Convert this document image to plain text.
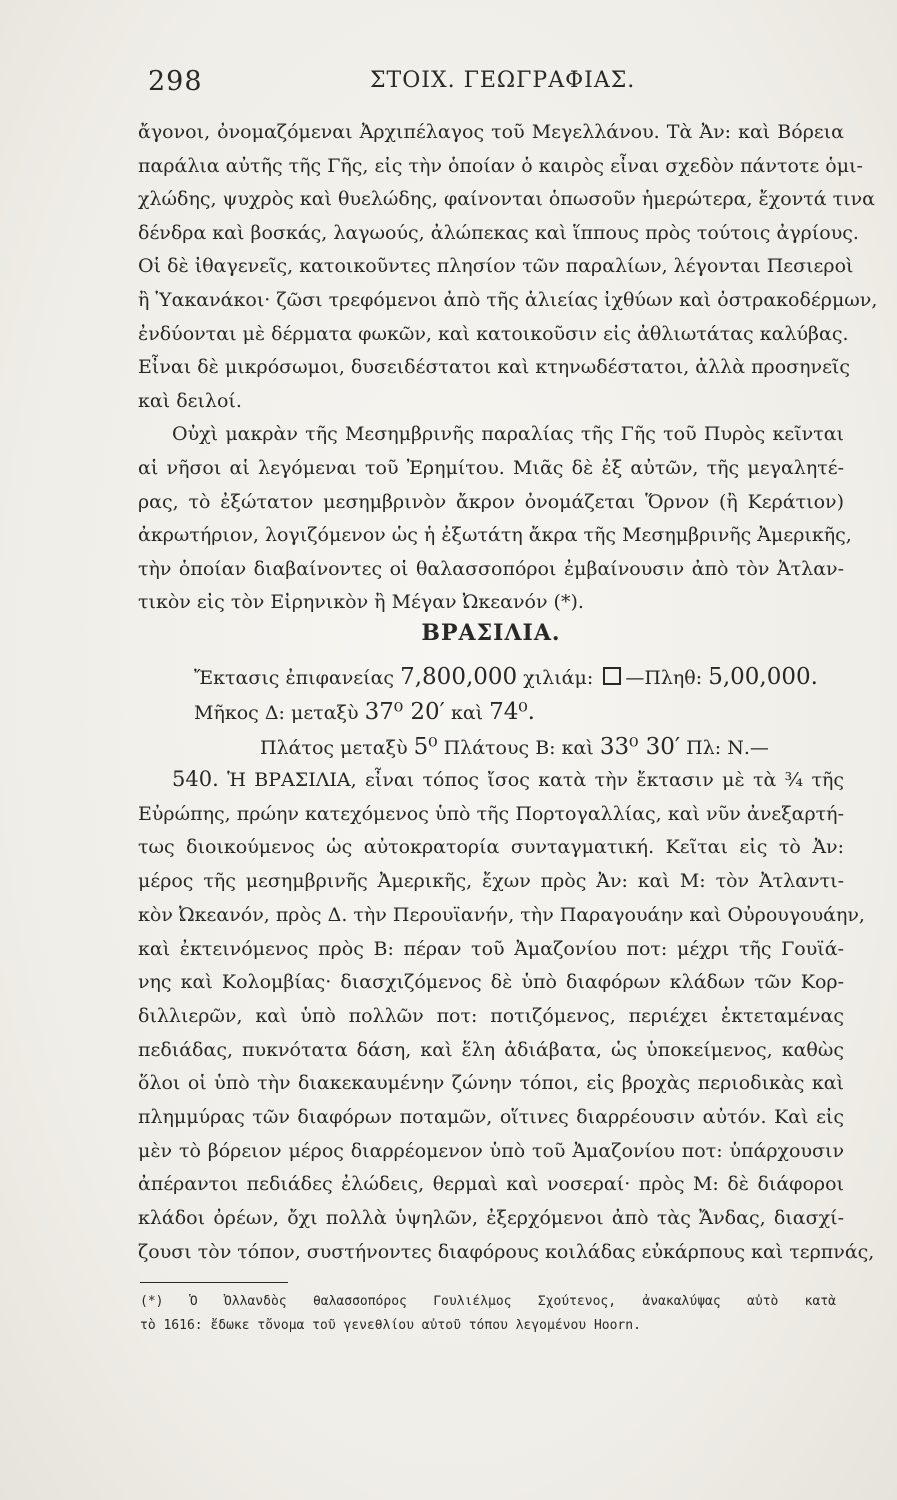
298	ΣΤΟΙΧ. ΓΕΩΓΡΑΦΙΑΣ.
ἄγονοι, ὀνομαζόμεναι Ἀρχιπέλαγος τοῦ Μεγελλάνου. Τὰ Ἀν: καὶ Βόρεια
παράλια αὐτῆς τῆς Γῆς, εἰς τὴν ὁποίαν ὁ καιρὸς εἶναι σχεδὸν πάντοτε ὁμι-
χλώδης, ψυχρὸς καὶ θυελώδης, φαίνονται ὁπωσοῦν ἡμερώτερα, ἔχοντά τινα
δένδρα καὶ βοσκάς, λαγωούς, ἀλώπεκας καὶ ἵππους πρὸς τούτοις ἀγρίους.
Οἱ δὲ ἰθαγενεῖς, κατοικοῦντες πλησίον τῶν παραλίων, λέγονται Πεσιεροὶ
ἢ Ὑακανάκοι· ζῶσι τρεφόμενοι ἀπὸ τῆς ἁλιείας ἰχθύων καὶ ὀστρακοδέρμων,
ἐνδύονται μὲ δέρματα φωκῶν, καὶ κατοικοῦσιν εἰς ἀθλιωτάτας καλύβας.
Εἶναι δὲ μικρόσωμοι, δυσειδέστατοι καὶ κτηνωδέστατοι, ἀλλὰ προσηνεῖς
καὶ δειλοί.
Οὐχὶ μακρὰν τῆς Μεσημβρινῆς παραλίας τῆς Γῆς τοῦ Πυρὸς κεῖνται
αἱ νῆσοι αἱ λεγόμεναι τοῦ Ἐρημίτου. Μιᾶς δὲ ἐξ αὐτῶν, τῆς μεγαλητέ-
ρας, τὸ ἐξώτατον μεσημβρινὸν ἄκρον ὀνομάζεται Ὅρνον (ἢ Κεράτιον)
ἀκρωτήριον, λογιζόμενον ὡς ἡ ἐξωτάτη ἄκρα τῆς Μεσημβρινῆς Ἀμερικῆς,
τὴν ὁποίαν διαβαίνοντες οἱ θαλασσοπόροι ἐμβαίνουσιν ἀπὸ τὸν Ἀτλαν-
τικὸν εἰς τὸν Εἰρηνικὸν ἢ Μέγαν Ὠκεανόν (*).
ΒΡΑΣΙΛΙΑ.
Ἔκτασις ἐπιφανείας 7,800,000 χιλιάμ: —Πληθ: 5,00,000.
Μῆκος Δ: μεταξὺ 37⁰ 20′ καὶ 74⁰.
Πλάτος μεταξὺ 5⁰ Πλάτους Β: καὶ 33⁰ 30′ Πλ: Ν.—
540. Ἡ ΒΡΑΣΙΛΙΑ, εἶναι τόπος ἴσος κατὰ τὴν ἔκτασιν μὲ τὰ ¾ τῆς
Εὐρώπης, πρώην κατεχόμενος ὑπὸ τῆς Πορτογαλλίας, καὶ νῦν ἀνεξαρτή-
τως διοικούμενος ὡς αὐτοκρατορία συνταγματική. Κεῖται εἰς τὸ Ἀν:
μέρος τῆς μεσημβρινῆς Ἀμερικῆς, ἔχων πρὸς Ἀν: καὶ Μ: τὸν Ἀτλαντι-
κὸν Ὠκεανόν, πρὸς Δ. τὴν Περουϊανήν, τὴν Παραγουάην καὶ Οὐρουγουάην,
καὶ ἐκτεινόμενος πρὸς Β: πέραν τοῦ Ἀμαζονίου ποτ: μέχρι τῆς Γουϊά-
νης καὶ Κολομβίας· διασχιζόμενος δὲ ὑπὸ διαφόρων κλάδων τῶν Κορ-
διλλιερῶν, καὶ ὑπὸ πολλῶν ποτ: ποτιζόμενος, περιέχει ἐκτεταμένας
πεδιάδας, πυκνότατα δάση, καὶ ἕλη ἀδιάβατα, ὡς ὑποκείμενος, καθὼς
ὅλοι οἱ ὑπὸ τὴν διακεκαυμένην ζώνην τόποι, εἰς βροχὰς περιοδικὰς καὶ
πλημμύρας τῶν διαφόρων ποταμῶν, οἵτινες διαρρέουσιν αὐτόν. Καὶ εἰς
μὲν τὸ βόρειον μέρος διαρρέομενον ὑπὸ τοῦ Ἀμαζονίου ποτ: ὑπάρχουσιν
ἀπέραντοι πεδιάδες ἐλώδεις, θερμαὶ καὶ νοσεραί· πρὸς Μ: δὲ διάφοροι
κλάδοι ὀρέων, ὄχι πολλὰ ὑψηλῶν, ἐξερχόμενοι ἀπὸ τὰς Ἄνδας, διασχί-
ζουσι τὸν τόπον, συστήνοντες διαφόρους κοιλάδας εὐκάρπους καὶ τερπνάς,
(*) Ὁ Ὀλλανδὸς θαλασσοπόρος Γουλιέλμος Σχούτενος, ἀνακαλύψας αὐτὸ κατὰ
τὸ 1616: ἔδωκε τὄνομα τοῦ γενεθλίου αὐτοῦ τόπου λεγομένου Hoorn.
